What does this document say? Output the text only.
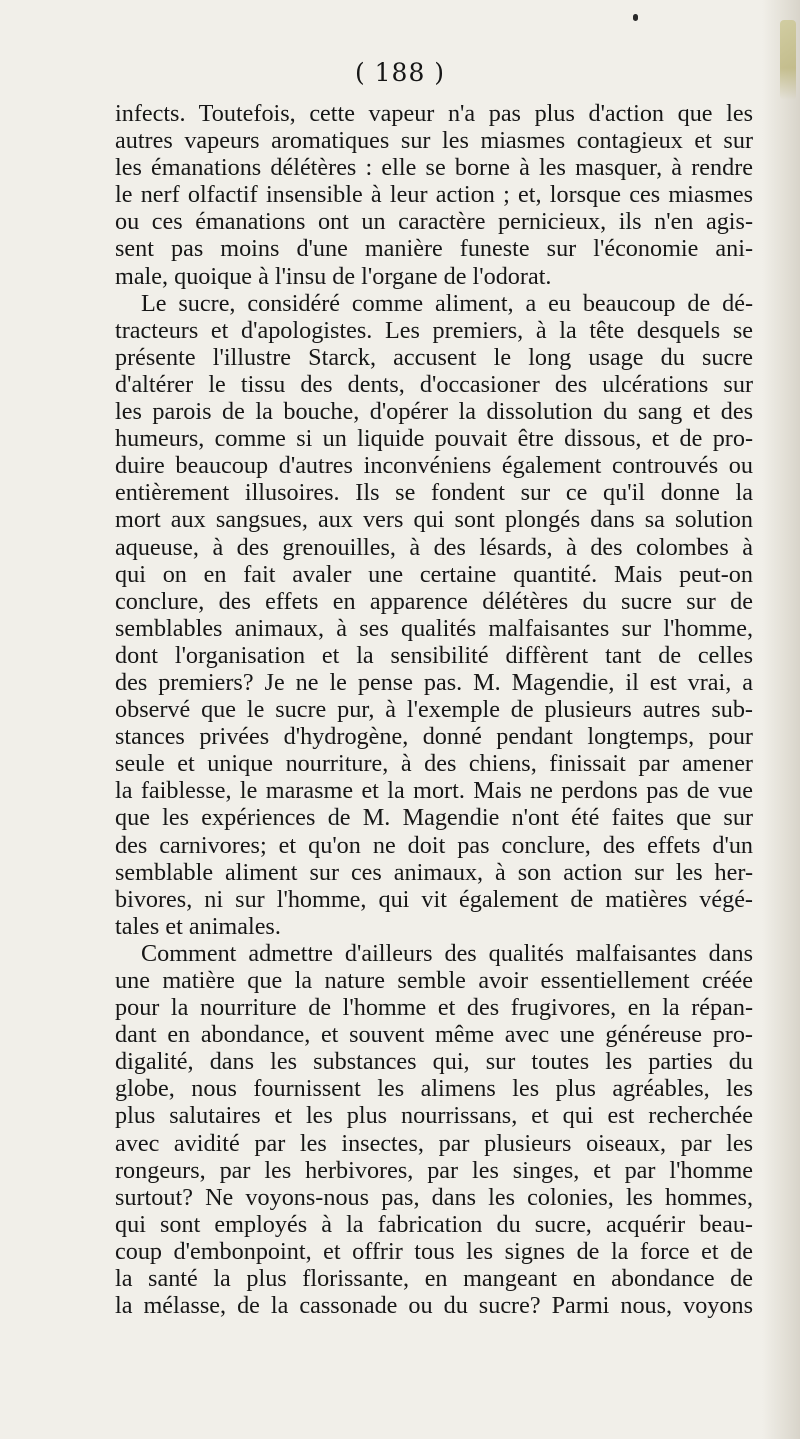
( 188 )
infects. Toutefois, cette vapeur n'a pas plus d'action que les
autres vapeurs aromatiques sur les miasmes contagieux et sur
les émanations délétères : elle se borne à les masquer, à rendre
le nerf olfactif insensible à leur action ; et, lorsque ces miasmes
ou ces émanations ont un caractère pernicieux, ils n'en agis-
sent pas moins d'une manière funeste sur l'économie ani-
male, quoique à l'insu de l'organe de l'odorat.
Le sucre, considéré comme aliment, a eu beaucoup de dé-
tracteurs et d'apologistes. Les premiers, à la tête desquels se
présente l'illustre Starck, accusent le long usage du sucre
d'altérer le tissu des dents, d'occasioner des ulcérations sur
les parois de la bouche, d'opérer la dissolution du sang et des
humeurs, comme si un liquide pouvait être dissous, et de pro-
duire beaucoup d'autres inconvéniens également controuvés ou
entièrement illusoires. Ils se fondent sur ce qu'il donne la
mort aux sangsues, aux vers qui sont plongés dans sa solution
aqueuse, à des grenouilles, à des lésards, à des colombes à
qui on en fait avaler une certaine quantité. Mais peut-on
conclure, des effets en apparence délétères du sucre sur de
semblables animaux, à ses qualités malfaisantes sur l'homme,
dont l'organisation et la sensibilité diffèrent tant de celles
des premiers? Je ne le pense pas. M. Magendie, il est vrai, a
observé que le sucre pur, à l'exemple de plusieurs autres sub-
stances privées d'hydrogène, donné pendant longtemps, pour
seule et unique nourriture, à des chiens, finissait par amener
la faiblesse, le marasme et la mort. Mais ne perdons pas de vue
que les expériences de M. Magendie n'ont été faites que sur
des carnivores; et qu'on ne doit pas conclure, des effets d'un
semblable aliment sur ces animaux, à son action sur les her-
bivores, ni sur l'homme, qui vit également de matières végé-
tales et animales.
Comment admettre d'ailleurs des qualités malfaisantes dans
une matière que la nature semble avoir essentiellement créée
pour la nourriture de l'homme et des frugivores, en la répan-
dant en abondance, et souvent même avec une généreuse pro-
digalité, dans les substances qui, sur toutes les parties du
globe, nous fournissent les alimens les plus agréables, les
plus salutaires et les plus nourrissans, et qui est recherchée
avec avidité par les insectes, par plusieurs oiseaux, par les
rongeurs, par les herbivores, par les singes, et par l'homme
surtout? Ne voyons-nous pas, dans les colonies, les hommes,
qui sont employés à la fabrication du sucre, acquérir beau-
coup d'embonpoint, et offrir tous les signes de la force et de
la santé la plus florissante, en mangeant en abondance de
la mélasse, de la cassonade ou du sucre? Parmi nous, voyons
